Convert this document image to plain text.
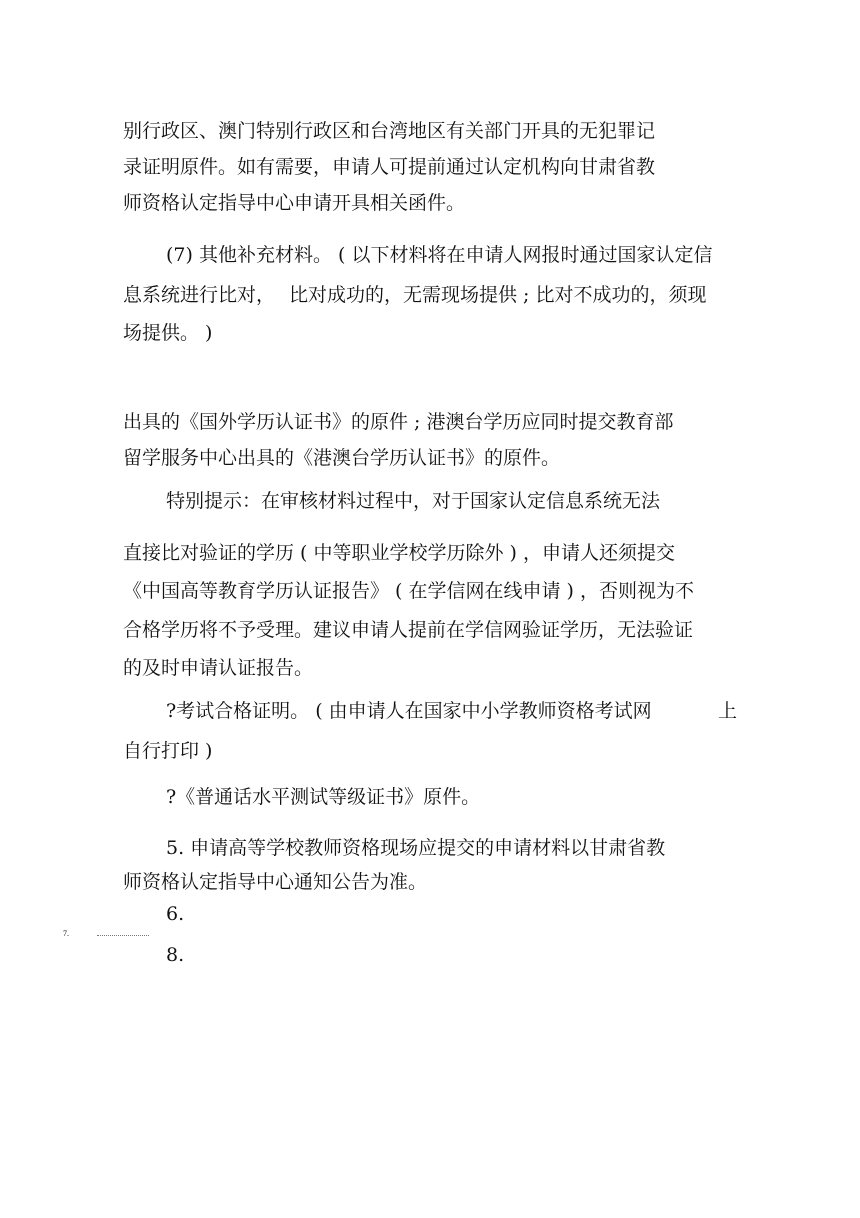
别行政区、澳门特别行政区和台湾地区有关部门开具的无犯罪记
录证明原件。如有需要，申请人可提前通过认定机构向甘肃省教
师资格认定指导中心申请开具相关函件。
(7) 其他补充材料。 ( 以下材料将在申请人网报时通过国家认定信
息系统进行比对， 比对成功的，无需现场提供 ; 比对不成功的，须现
场提供。 )
出具的《国外学历认证书》的原件 ; 港澳台学历应同时提交教育部
留学服务中心出具的《港澳台学历认证书》的原件。
特别提示：在审核材料过程中，对于国家认定信息系统无法
直接比对验证的学历 ( 中等职业学校学历除外 ) ，申请人还须提交
《中国高等教育学历认证报告》 ( 在学信网在线申请 ) ，否则视为不
合格学历将不予受理。建议申请人提前在学信网验证学历，无法验证
的及时申请认证报告。
?考试合格证明。 ( 由申请人在国家中小学教师资格考试网	上
自行打印 )
?《普通话水平测试等级证书》原件。
5. 申请高等学校教师资格现场应提交的申请材料以甘肃省教
师资格认定指导中心通知公告为准。
6.
7.
8.
